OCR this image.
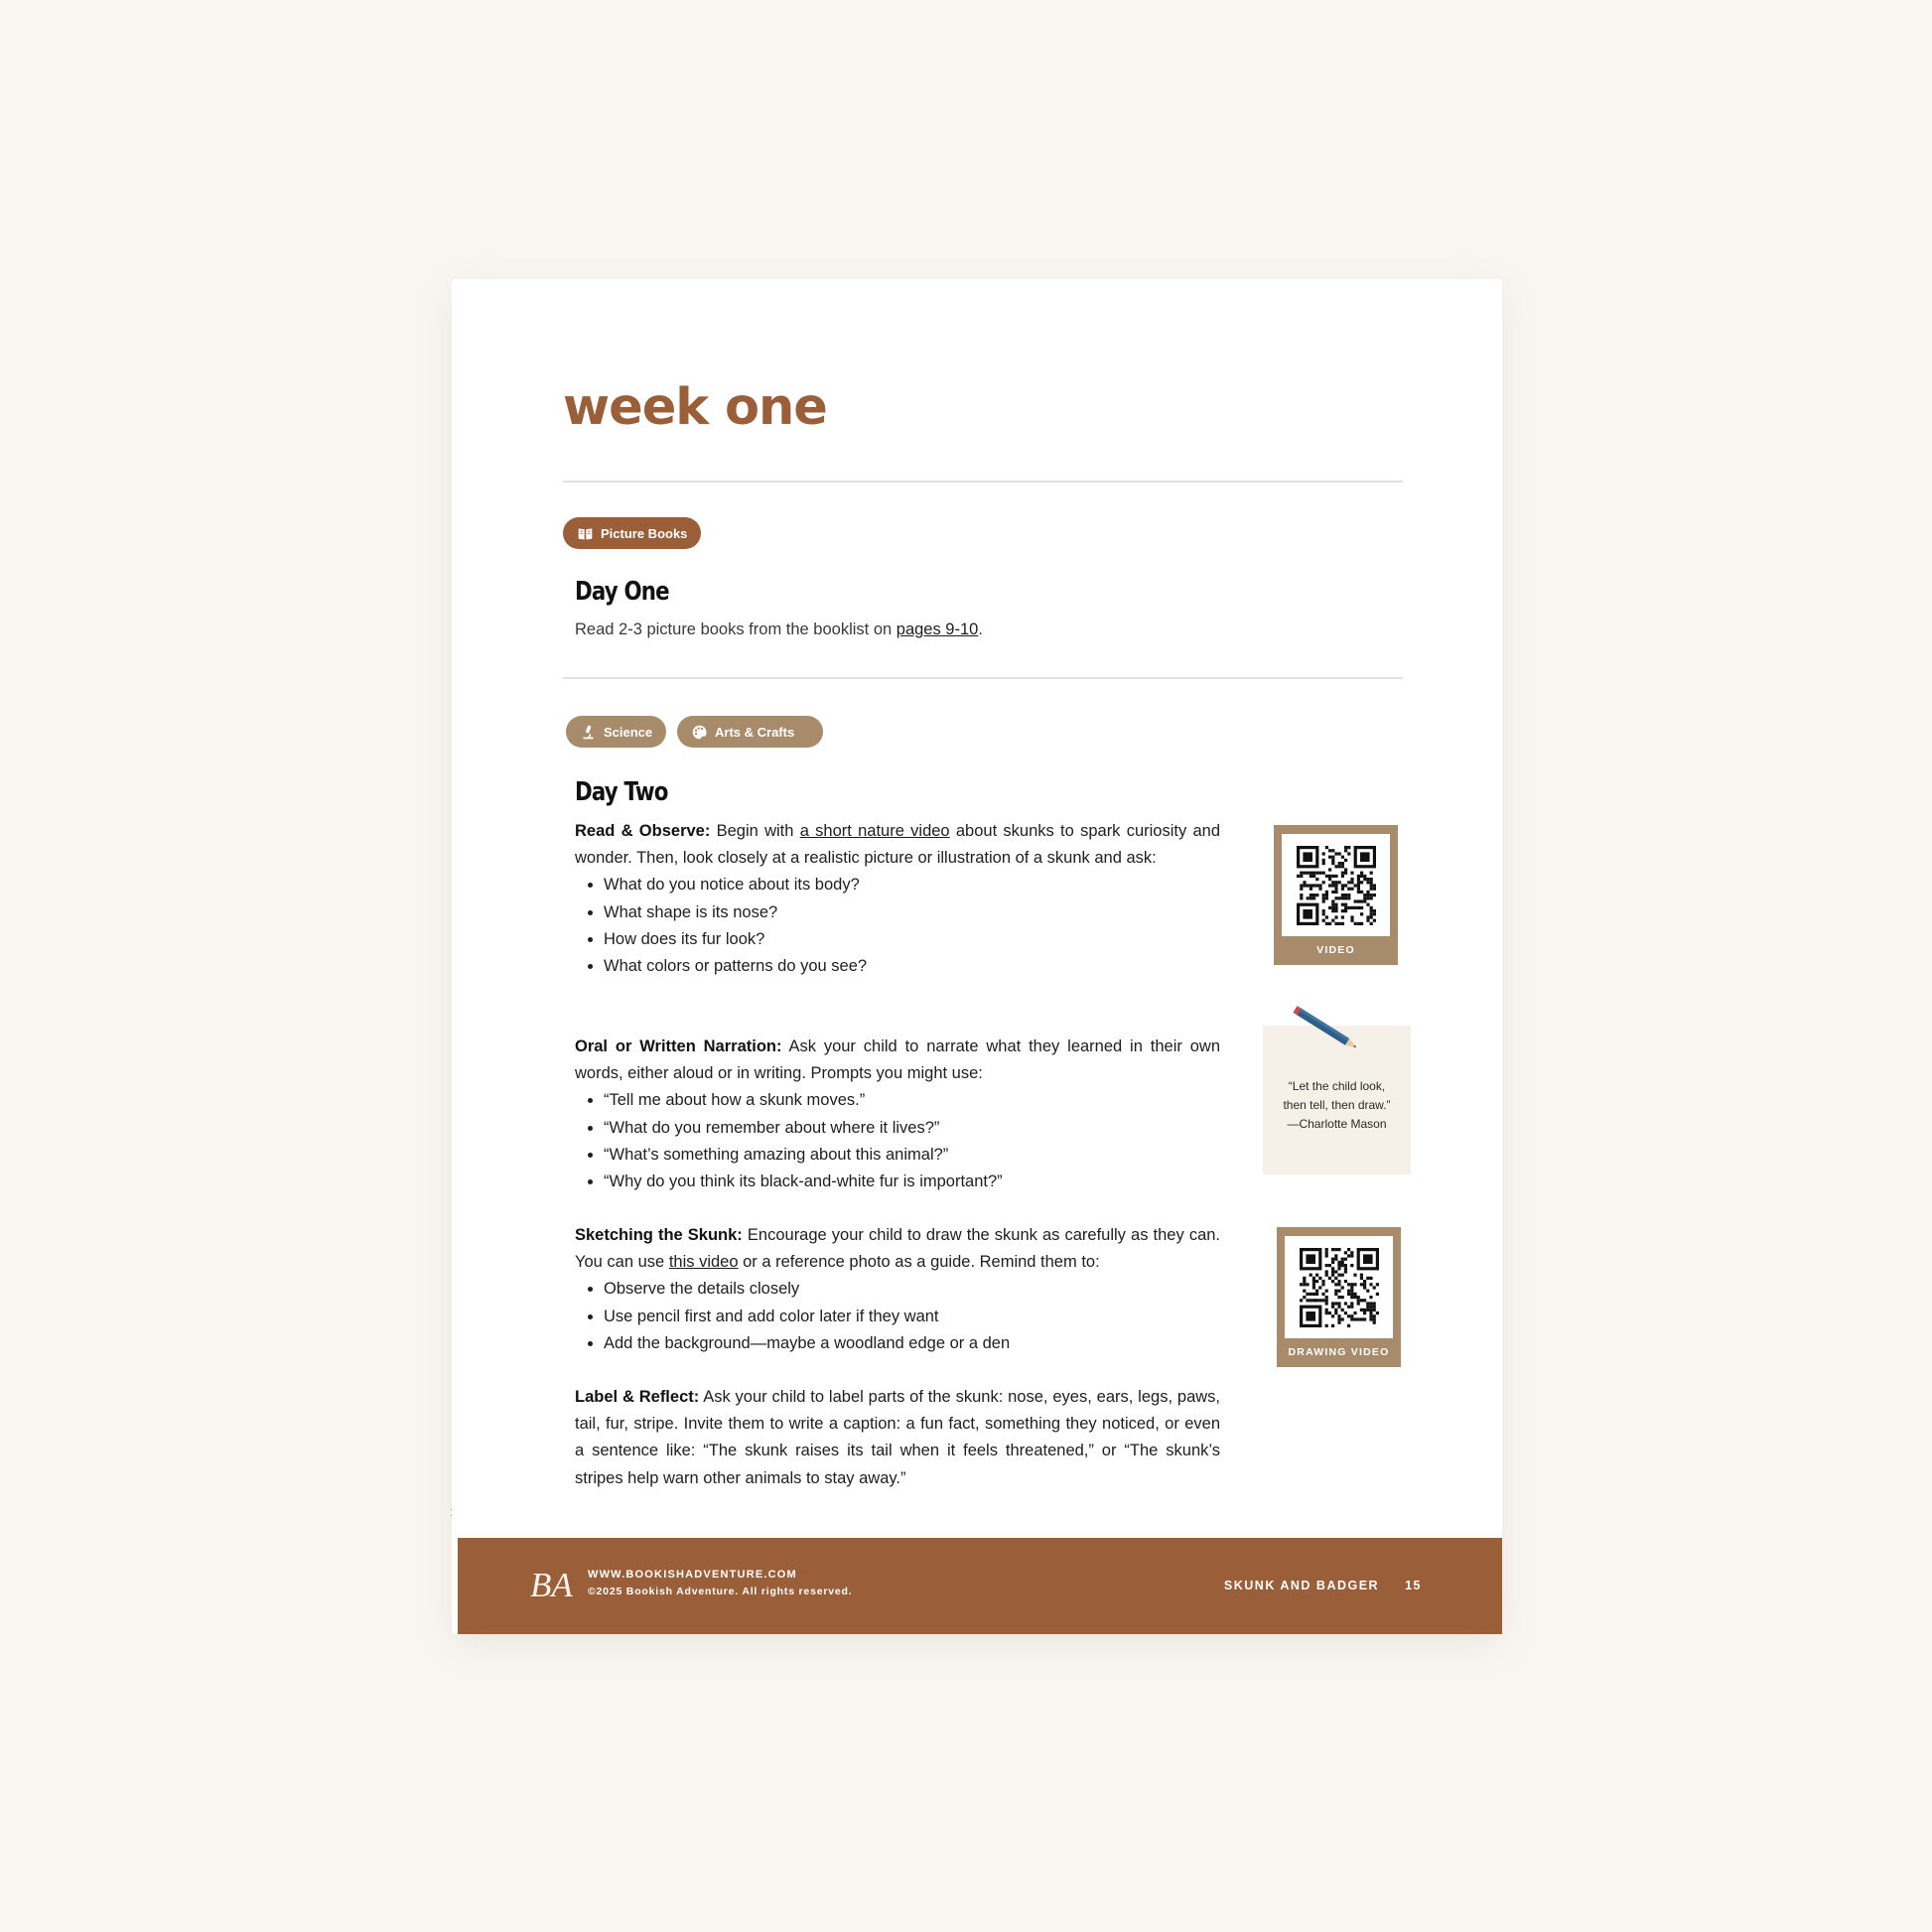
week one
Picture Books
Day One
Read 2-3 picture books from the booklist on pages 9-10.
Science	Arts & Crafts
Day Two

Read & Observe: Begin with a short nature video about skunks to spark curiosity and wonder. Then, look closely at a realistic picture or illustration of a skunk and ask:

• What do you notice about its body?
• What shape is its nose?
• How does its fur look?
• What colors or patterns do you see?

Oral or Written Narration: Ask your child to narrate what they learned in their own words, either aloud or in writing. Prompts you might use:

• “Tell me about how a skunk moves.”
• “What do you remember about where it lives?”
• “What’s something amazing about this animal?”
• “Why do you think its black-and-white fur is important?”

Sketching the Skunk: Encourage your child to draw the skunk as carefully as they can. You can use this video or a reference photo as a guide. Remind them to:

• Observe the details closely
• Use pencil first and add color later if they want
• Add the background—maybe a woodland edge or a den

Label & Reflect: Ask your child to label parts of the skunk: nose, eyes, ears, legs, paws, tail, fur, stripe. Invite them to write a caption: a fun fact, something they noticed, or even a sentence like: “The skunk raises its tail when it feels threatened,” or “The skunk’s stripes help warn other animals to stay away.”

VIDEO
“Let the child look,
then tell, then draw.”
—Charlotte Mason
DRAWING VIDEO
⁚
BA WWW.BOOKISHADVENTURE.COM
©2025 Bookish Adventure. All rights reserved.	SKUNK AND BADGER 15
